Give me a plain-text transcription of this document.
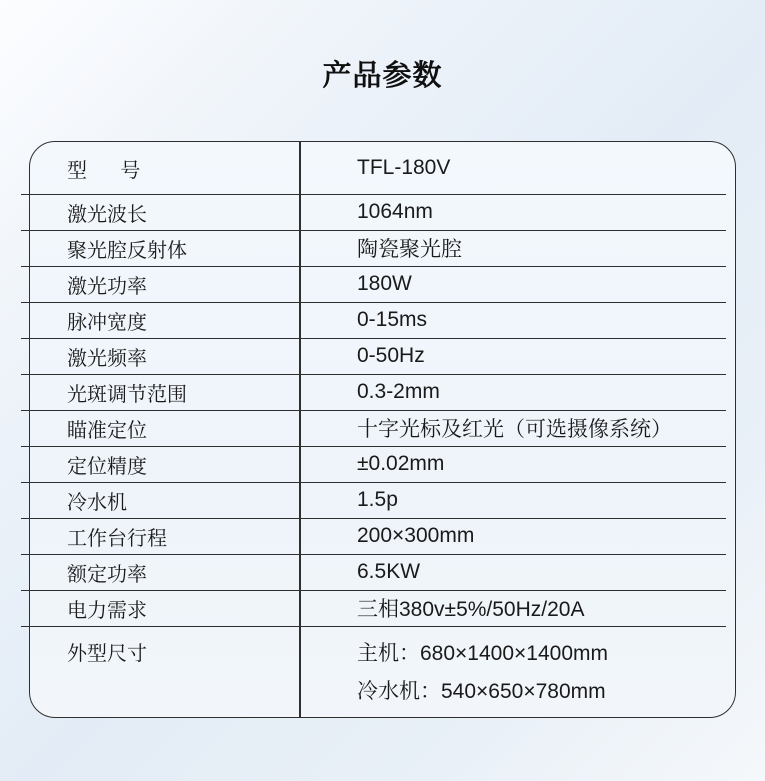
产品参数
型      号	TFL-180V
激光波长	1064nm
聚光腔反射体	陶瓷聚光腔
激光功率	180W
脉冲宽度	0-15ms
激光频率	0-50Hz
光斑调节范围	0.3-2mm
瞄准定位	十字光标及红光（可选摄像系统）
定位精度	±0.02mm
冷水机	1.5p
工作台行程	200×300mm
额定功率	6.5KW
电力需求	三相380v±5%/50Hz/20A
外型尺寸	主机：680×1400×1400mm
冷水机：540×650×780mm
